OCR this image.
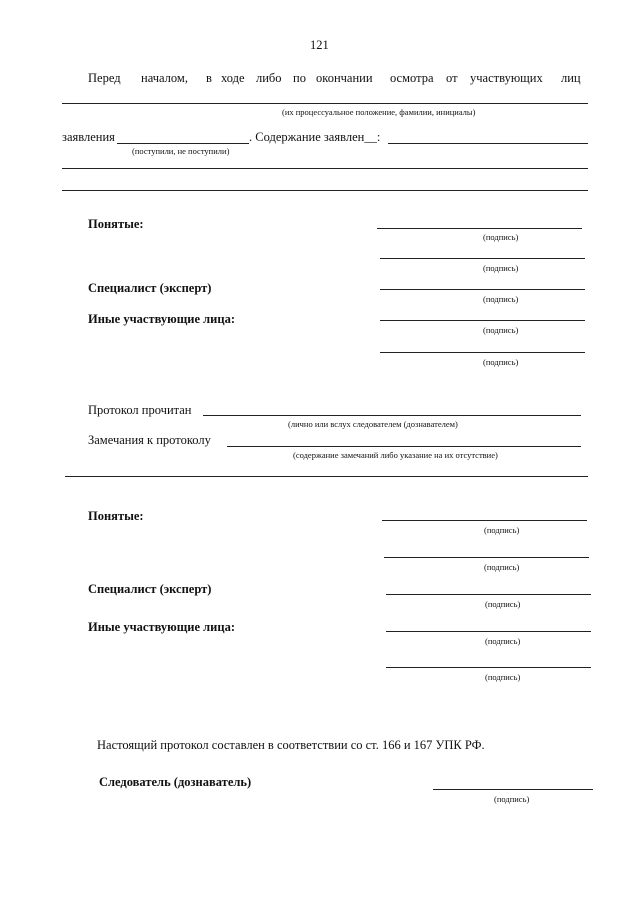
121
Перед началом, в ходе либо по окончании осмотра от участвующих лиц
(их процессуальное положение, фамилии, инициалы)
заявления	. Содержание заявлен__:
(поступили, не поступили)
Понятые:
(подпись)
(подпись)
Специалист (эксперт)
(подпись)
Иные участвующие лица:
(подпись)
(подпись)
Протокол прочитан
(лично или вслух следователем (дознавателем)
Замечания к протоколу
(содержание замечаний либо указание на их отсутствие)
Понятые:
(подпись)
(подпись)
Специалист (эксперт)
(подпись)
Иные участвующие лица:
(подпись)
(подпись)
Настоящий протокол составлен в соответствии со ст. 166 и 167 УПК РФ.
Следователь (дознаватель)
(подпись)
